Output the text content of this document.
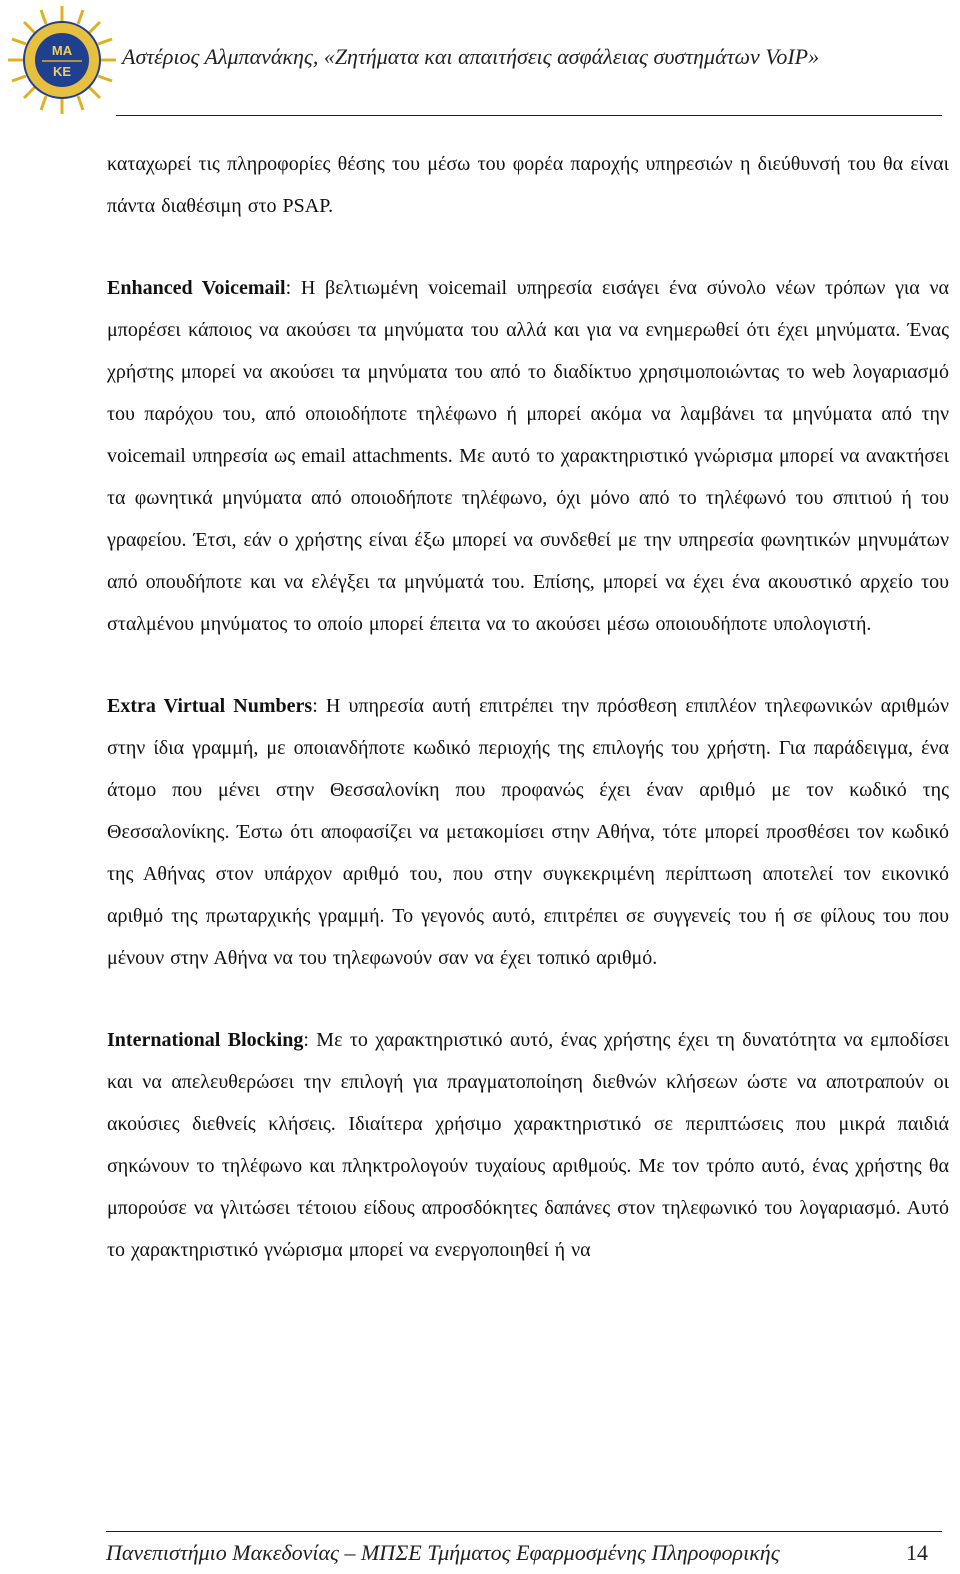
ΜΑ
ΚΕ
Αστέριος Αλμπανάκης, «Ζητήματα και απαιτήσεις ασφάλειας συστημάτων VoIP»

καταχωρεί τις πληροφορίες θέσης του μέσω του φορέα παροχής υπηρεσιών η διεύθυνσή του θα είναι πάντα διαθέσιμη στο PSAP.

Enhanced Voicemail: Η βελτιωμένη voicemail υπηρεσία εισάγει ένα σύνολο νέων τρόπων για να μπορέσει κάποιος να ακούσει τα μηνύματα του αλλά και για να ενημερωθεί ότι έχει μηνύματα. Ένας χρήστης μπορεί να ακούσει τα μηνύματα του από το διαδίκτυο χρησιμοποιώντας το web λογαριασμό του παρόχου του, από οποιοδήποτε τηλέφωνο ή μπορεί ακόμα να λαμβάνει τα μηνύματα από την voicemail υπηρεσία ως email attachments. Με αυτό το χαρακτηριστικό γνώρισμα μπορεί να ανακτήσει τα φωνητικά μηνύματα από οποιοδήποτε τηλέφωνο, όχι μόνο από το τηλέφωνό του σπιτιού ή του γραφείου. Έτσι, εάν ο χρήστης είναι έξω μπορεί να συνδεθεί με την υπηρεσία φωνητικών μηνυμάτων από οπουδήποτε και να ελέγξει τα μηνύματά του. Επίσης, μπορεί να έχει ένα ακουστικό αρχείο του σταλμένου μηνύματος το οποίο μπορεί έπειτα να το ακούσει μέσω οποιουδήποτε υπολογιστή.

Extra Virtual Numbers: Η υπηρεσία αυτή επιτρέπει την πρόσθεση επιπλέον τηλεφωνικών αριθμών στην ίδια γραμμή, με οποιανδήποτε κωδικό περιοχής της επιλογής του χρήστη. Για παράδειγμα, ένα άτομο που μένει στην Θεσσαλονίκη που προφανώς έχει έναν αριθμό με τον κωδικό της Θεσσαλονίκης. Έστω ότι αποφασίζει να μετακομίσει στην Αθήνα, τότε μπορεί προσθέσει τον κωδικό της Αθήνας στον υπάρχον αριθμό του, που στην συγκεκριμένη περίπτωση αποτελεί τον εικονικό αριθμό της πρωταρχικής γραμμή. Το γεγονός αυτό, επιτρέπει σε συγγενείς του ή σε φίλους του που μένουν στην Αθήνα να του τηλεφωνούν σαν να έχει τοπικό αριθμό.

International Blocking: Με το χαρακτηριστικό αυτό, ένας χρήστης έχει τη δυνατότητα να εμποδίσει και να απελευθερώσει την επιλογή για πραγματοποίηση διεθνών κλήσεων ώστε να αποτραπούν οι ακούσιες διεθνείς κλήσεις. Ιδιαίτερα χρήσιμο χαρακτηριστικό σε περιπτώσεις που μικρά παιδιά σηκώνουν το τηλέφωνο και πληκτρολογούν τυχαίους αριθμούς. Με τον τρόπο αυτό, ένας χρήστης θα μπορούσε να γλιτώσει τέτοιου είδους απροσδόκητες δαπάνες στον τηλεφωνικό του λογαριασμό. Αυτό το χαρακτηριστικό γνώρισμα μπορεί να ενεργοποιηθεί ή να

Πανεπιστήμιο Μακεδονίας – ΜΠΣΕ Τμήματος Εφαρμοσμένης Πληροφορικής	14
